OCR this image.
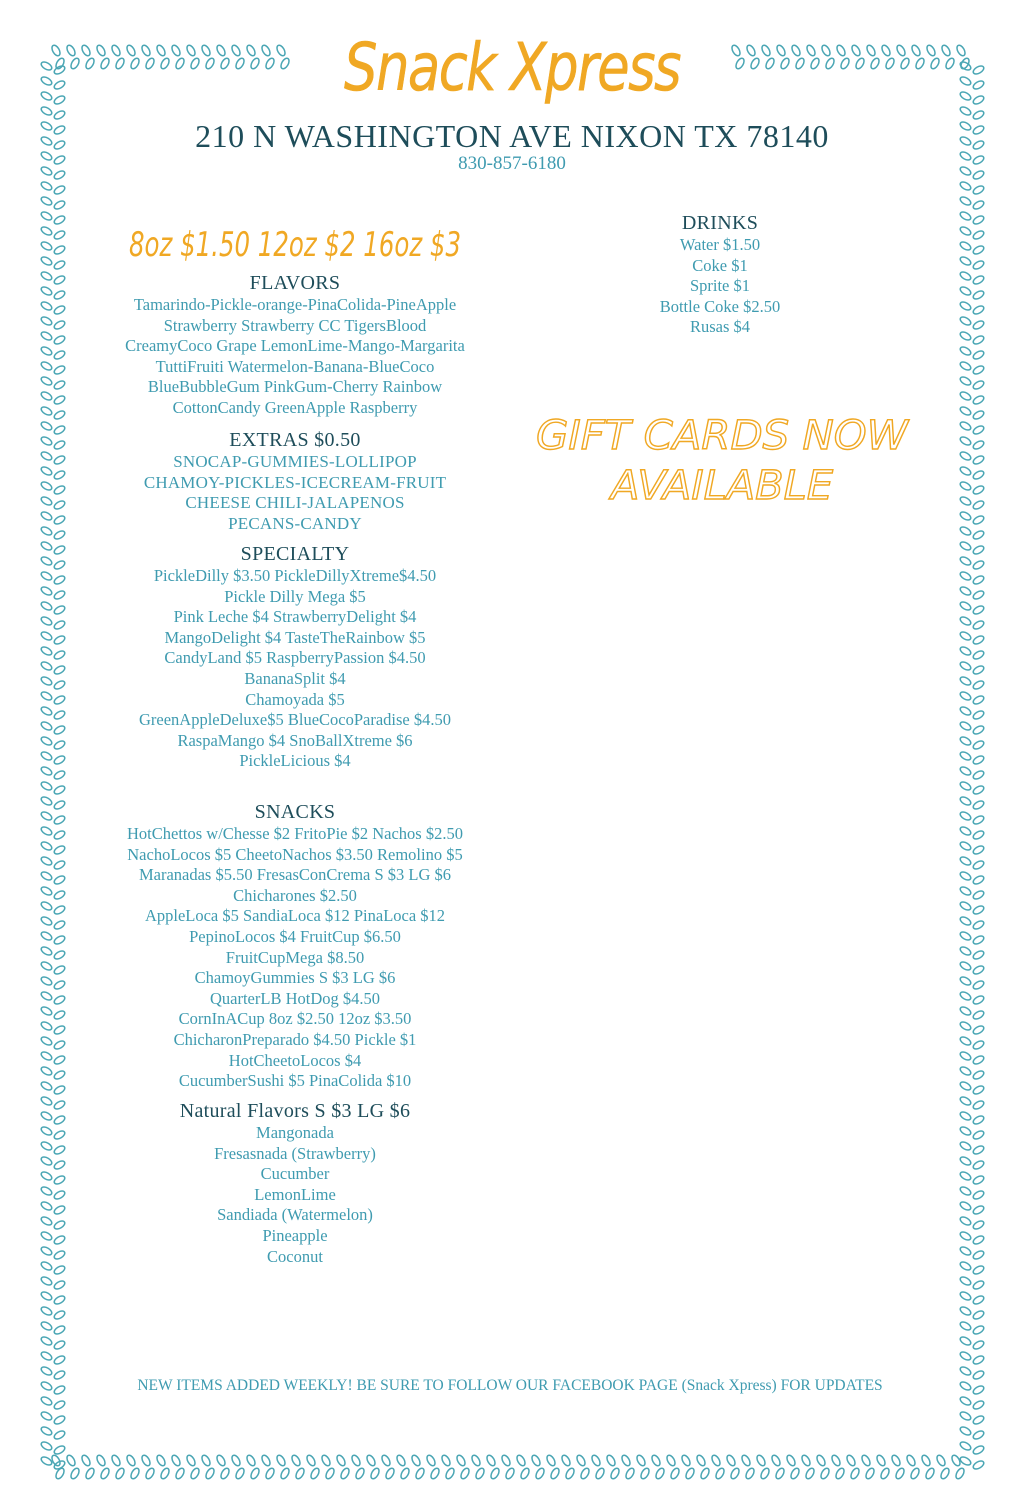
Snack Xpress
210 N WASHINGTON AVE NIXON TX 78140
830-857-6180
8oz $1.50 12oz $2 16oz $3
FLAVORS
Tamarindo-Pickle-orange-PinaColida-PineApple
Strawberry Strawberry CC TigersBlood
CreamyCoco Grape LemonLime-Mango-Margarita
TuttiFruiti Watermelon-Banana-BlueCoco
BlueBubbleGum PinkGum-Cherry Rainbow
CottonCandy GreenApple Raspberry
EXTRAS $0.50
SNOCAP-GUMMIES-LOLLIPOP
CHAMOY-PICKLES-ICECREAM-FRUIT
CHEESE CHILI-JALAPENOS
PECANS-CANDY
SPECIALTY
PickleDilly $3.50 PickleDillyXtreme$4.50
Pickle Dilly Mega $5
Pink Leche $4 StrawberryDelight $4
MangoDelight $4 TasteTheRainbow $5
CandyLand $5 RaspberryPassion $4.50
BananaSplit $4
Chamoyada $5
GreenAppleDeluxe$5 BlueCocoParadise $4.50
RaspaMango $4 SnoBallXtreme $6
PickleLicious $4
SNACKS
HotChettos w/Chesse $2 FritoPie $2 Nachos $2.50
NachoLocos $5 CheetoNachos $3.50 Remolino $5
Maranadas $5.50 FresasConCrema S $3 LG $6
Chicharones $2.50
AppleLoca $5 SandiaLoca $12 PinaLoca $12
PepinoLocos $4 FruitCup $6.50
FruitCupMega $8.50
ChamoyGummies S $3 LG $6
QuarterLB HotDog $4.50
CornInACup 8oz $2.50 12oz $3.50
ChicharonPreparado $4.50 Pickle $1
HotCheetoLocos $4
CucumberSushi $5 PinaColida $10
Natural Flavors S $3 LG $6
Mangonada
Fresasnada (Strawberry)
Cucumber
LemonLime
Sandiada (Watermelon)
Pineapple
Coconut
DRINKS
Water $1.50
Coke $1
Sprite $1
Bottle Coke $2.50
Rusas $4
GIFT CARDS NOW
AVAILABLE
NEW ITEMS ADDED WEEKLY! BE SURE TO FOLLOW OUR FACEBOOK PAGE (Snack Xpress) FOR UPDATES
